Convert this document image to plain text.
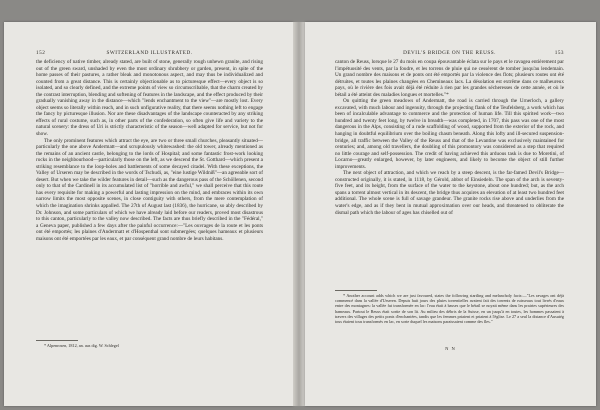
152	SWITZERLAND ILLUSTRATED.

the deficiency of native timber, already stated, are built of stone, generally rough unhewn granite, and rising out of the green sward, unshaded by even the most ordinary shrubbery or garden, present, in spite of the home passes of their pastures, a rather bleak and monotonous aspect, and may thus be individualized and counted from a great distance. This is certainly objectionable as to picturesque effect—every object is so isolated, and so clearly defined, and the extreme points of view so circumscribable, that the charm created by the contrast interruption, blending and softening of features in the landscape, and the effect produced by their gradually vanishing away in the distance—which "lends enchantment to the view"—are mostly lost. Every object seems so literally within reach, and in such unfigurative reality, that there seems nothing left to engage the fancy by picturesque illusion. Nor are these disadvantages of the landscape counteracted by any striking effects of rural costume, such as, in other parts of the confederation, so often give life and variety to the natural scenery: the dress of Uri is strictly characteristic of the season—well adapted for service, but not for show.

The only prominent features which attract the eye, are two or three small churches, pleasantly situated—particularly the one above Andermatt—and scrupulously whitewashed: the old tower, already mentioned as the remains of an ancient castle, belonging to the lords of Hospital; and some fantastic frost-work looking rocks in the neighbourhood—particularly those on the left, as we descend the St. Gotthard—which present a striking resemblance to the loop-holes and battlements of some decayed citadel. With these exceptions, the Valley of Urseren may be described in the words of Tschudi, as, "eine lustige Wildniß"—an agreeable sort of desert. But when we take the wilder features in detail—such as the dangerous pass of the Schöllenen, second only to that of the Cardinell in its accumulated list of "horrible and awful," we shall perceive that this route has every requisite for making a powerful and lasting impression on the mind, and embraces within its own narrow limits the most opposite scenes, in close contiguity with others, from the mere contemplation of which the imagination shrinks appalled. The 27th of August last (1836), the hurricane, so ably described by Dr. Johnson, and some particulars of which we have already laid before our readers, proved most disastrous to this canton, particularly to the valley now described. The facts are thus briefly described in the "Fédéral," a Geneva paper, published a few days after the painful occurrence:—"Les ouvrages de la route et les ponts ont été emportés; les plaines d'Andermatt et d'Hospenthal sont submergées; quelques hameaux et plusieurs maisons ont été emportées par les eaux, et par conséquent grand nombre de leurs habitans.

* Alpenrosen, 1812, an. aus dig. W. Schlegel
DEVIL'S BRIDGE ON THE REUSS.	153

canton de Reuss, lorsque le 27 du mois en coupa épouvantable éclata sur le pays et le ravagea entièrement par l'impétuosité des vents, par la foudre, et les torrens de pluie qui ne cessèrent de tomber jusqu'au lendemain. Un grand nombre des maisons et de ponts ont été emportés par la violence des flots; plusieurs routes ont été détruites, et toutes les plaines changées en Chemineaux lacs. La désolation est extrême dans ce malheureux pays, où le rivière des fois avait déjà été réduite à rien par les grandes sécheresses de cette année, et où le bétail a été atteint des maladies longues et mortelles."*

On quitting the green meadows of Andermatt, the road is carried through the Urnerloch, a gallery excavated, with much labour and ingenuity, through the projecting flank of the Teufelsberg, a work which has been of incalculable advantage to commerce and the protection of human life. Till this spirited work—two hundred and twenty feet long, by twelve in breadth—was completed, in 1707, this pass was one of the most dangerous in the Alps, consisting of a rude scaffolding of wood, supported from the exterior of the rock, and hanging in doubtful equilibrium over the boiling chasm beneath. Along this lofty and ill-secured suspension-bridge, all traffic between the Valley of the Reuss and that of the Levantine was exclusively maintained for centuries; and, among old travellers, the doubling of this promontory was considered as a step that required no little courage and self-possession. The credit of having achieved this arduous task is due to Moretini, of Locarno—greatly enlarged, however, by later engineers, and likely to become the object of still further improvements.

The next object of attraction, and which we reach by a steep descent, is the far-famed Devil's Bridge—constructed originally, it is stated, in 1118, by Gérold, abbot of Einsiedeln. The span of the arch is seventy-five feet, and its height, from the surface of the water to the keystone, about one hundred; but, as the arch spans a torrent almost vertical in its descent, the bridge thus acquires an elevation of at least two hundred feet additional. The whole scene is full of savage grandeur. The granite rocks rise above and underlies from the water's edge, and as if they bent in mutual approximation over our heads, and threatened to obliterate the dismal path which the labour of ages has chiselled out of

* Another account adds which we are just favoured, states the following startling and melancholy facts:—"Les ravages ont déjà commencé dans la vallée d'Urseren. Depuis huit jours des pluies torrentielles avaient fait des torrents de ruisseaux tout livrés d'eaux entre des montagnes: la vallée fut transformée en lac: l'eau était à basses que le bétail se noyait même dans les prairies supérieures des hameaux. Partout le Reuss était sortie de son lit. Au milieu des débris de la Suisse, en un jusqu'à en toutes, les hommes passaient à travers des villages des petits ponts d'enchantées, tandis que les femmes priaient et priaient à l'église. Le 27 a seul la distance d'Ausutég tous étaient tous transformés en lac, en sorte duquel les maisons paraissaient comme des îles."

N N
